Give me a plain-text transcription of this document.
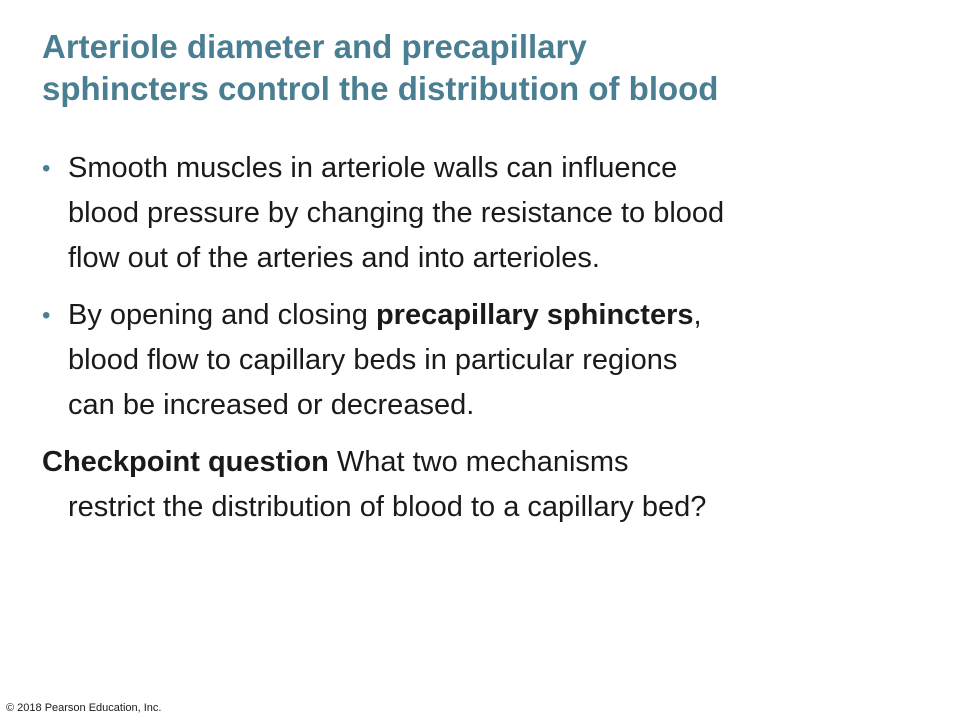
Arteriole diameter and precapillary
sphincters control the distribution of blood
• Smooth muscles in arteriole walls can influence
blood pressure by changing the resistance to blood
flow out of the arteries and into arterioles.

• By opening and closing precapillary sphincters,
blood flow to capillary beds in particular regions
can be increased or decreased.

Checkpoint question What two mechanisms
restrict the distribution of blood to a capillary bed?

© 2018 Pearson Education, Inc.
